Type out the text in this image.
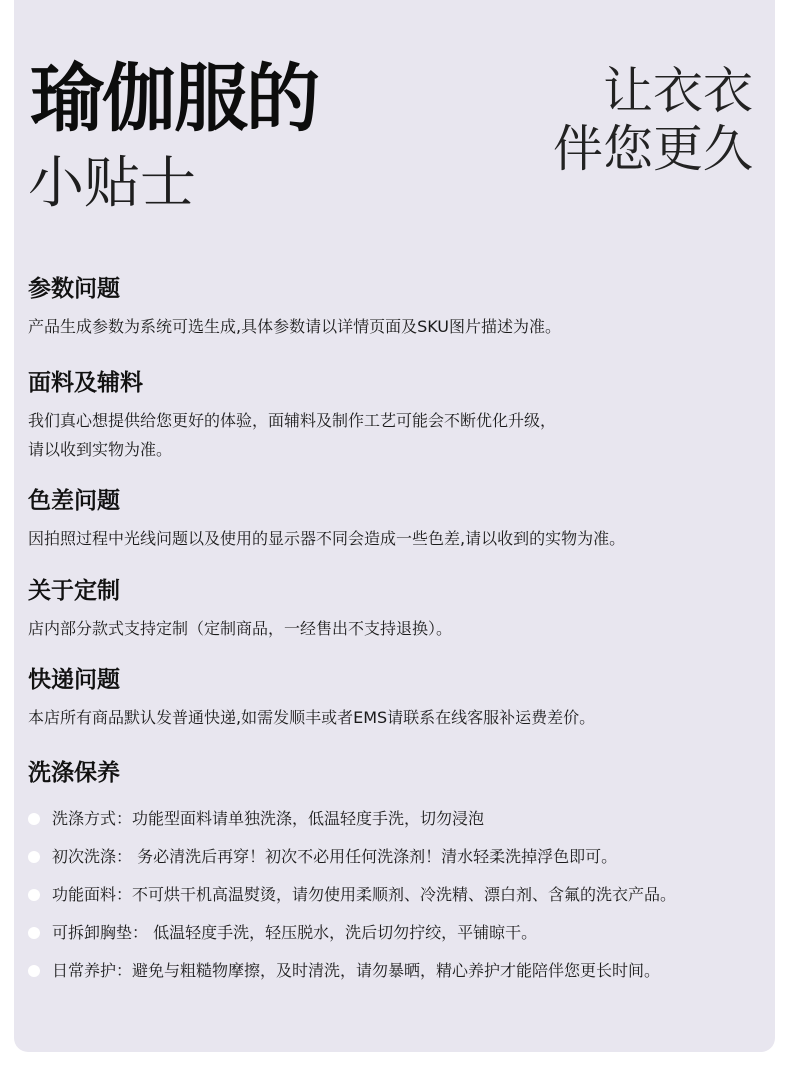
瑜伽服的
小贴士
让衣衣
伴您更久
参数问题

产品生成参数为系统可选生成,具体参数请以详情页面及SKU图片描述为准。

面料及辅料

我们真心想提供给您更好的体验，面辅料及制作工艺可能会不断优化升级，
请以收到实物为准。

色差问题

因拍照过程中光线问题以及使用的显示器不同会造成一些色差,请以收到的实物为准。

关于定制

店内部分款式支持定制（定制商品，一经售出不支持退换）。

快递问题

本店所有商品默认发普通快递,如需发顺丰或者EMS请联系在线客服补运费差价。

洗涤保养
洗涤方式：功能型面料请单独洗涤，低温轻度手洗，切勿浸泡
初次洗涤： 务必清洗后再穿！初次不必用任何洗涤剂！清水轻柔洗掉浮色即可。
功能面料：不可烘干机高温熨烫，请勿使用柔顺剂、冷洗精、漂白剂、含氟的洗衣产品。
可拆卸胸垫： 低温轻度手洗，轻压脱水，洗后切勿拧绞，平铺晾干。
日常养护：避免与粗糙物摩擦，及时清洗，请勿暴晒，精心养护才能陪伴您更长时间。
